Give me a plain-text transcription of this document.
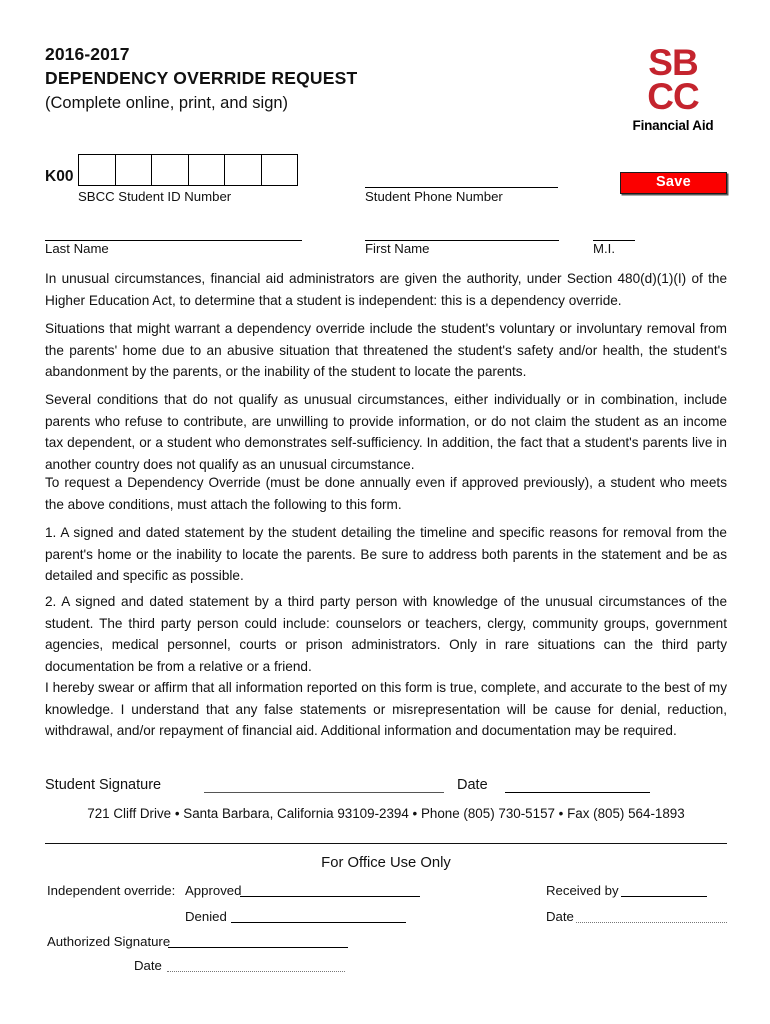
2016-2017
DEPENDENCY OVERRIDE REQUEST
(Complete online, print, and sign)
SB
CC
Financial Aid
K00
SBCC Student ID Number	Student Phone Number
Last Name	First Name	M.I.
In unusual circumstances, financial aid administrators are given the authority, under Section 480(d)(1)(I) of the Higher Education Act, to determine that a student is independent: this is a dependency override.
Situations that might warrant a dependency override include the student's voluntary or involuntary removal from the parents' home due to an abusive situation that threatened the student's safety and/or health, the student's abandonment by the parents, or the inability of the student to locate the parents.
Several conditions that do not qualify as unusual circumstances, either individually or in combination, include parents who refuse to contribute, are unwilling to provide information, or do not claim the student as an income tax dependent, or a student who demonstrates self-sufficiency. In addition, the fact that a student's parents live in another country does not qualify as an unusual circumstance.
To request a Dependency Override (must be done annually even if approved previously), a student who meets the above conditions, must attach the following to this form.
1. A signed and dated statement by the student detailing the timeline and specific reasons for removal from the parent's home or the inability to locate the parents. Be sure to address both parents in the statement and be as detailed and specific as possible.
2. A signed and dated statement by a third party person with knowledge of the unusual circumstances of the student. The third party person could include: counselors or teachers, clergy, community groups, government agencies, medical personnel, courts or prison administrators. Only in rare situations can the third party documentation be from a relative or a friend.
I hereby swear or affirm that all information reported on this form is true, complete, and accurate to the best of my knowledge. I understand that any false statements or misrepresentation will be cause for denial, reduction, withdrawal, and/or repayment of financial aid. Additional information and documentation may be required.
Student Signature	Date
721 Cliff Drive • Santa Barbara, California 93109-2394 • Phone (805) 730-5157 • Fax (805) 564-1893
For Office Use Only
Independent override: Approved
Denied
Authorized Signature
Date
Received by
Date
Save
